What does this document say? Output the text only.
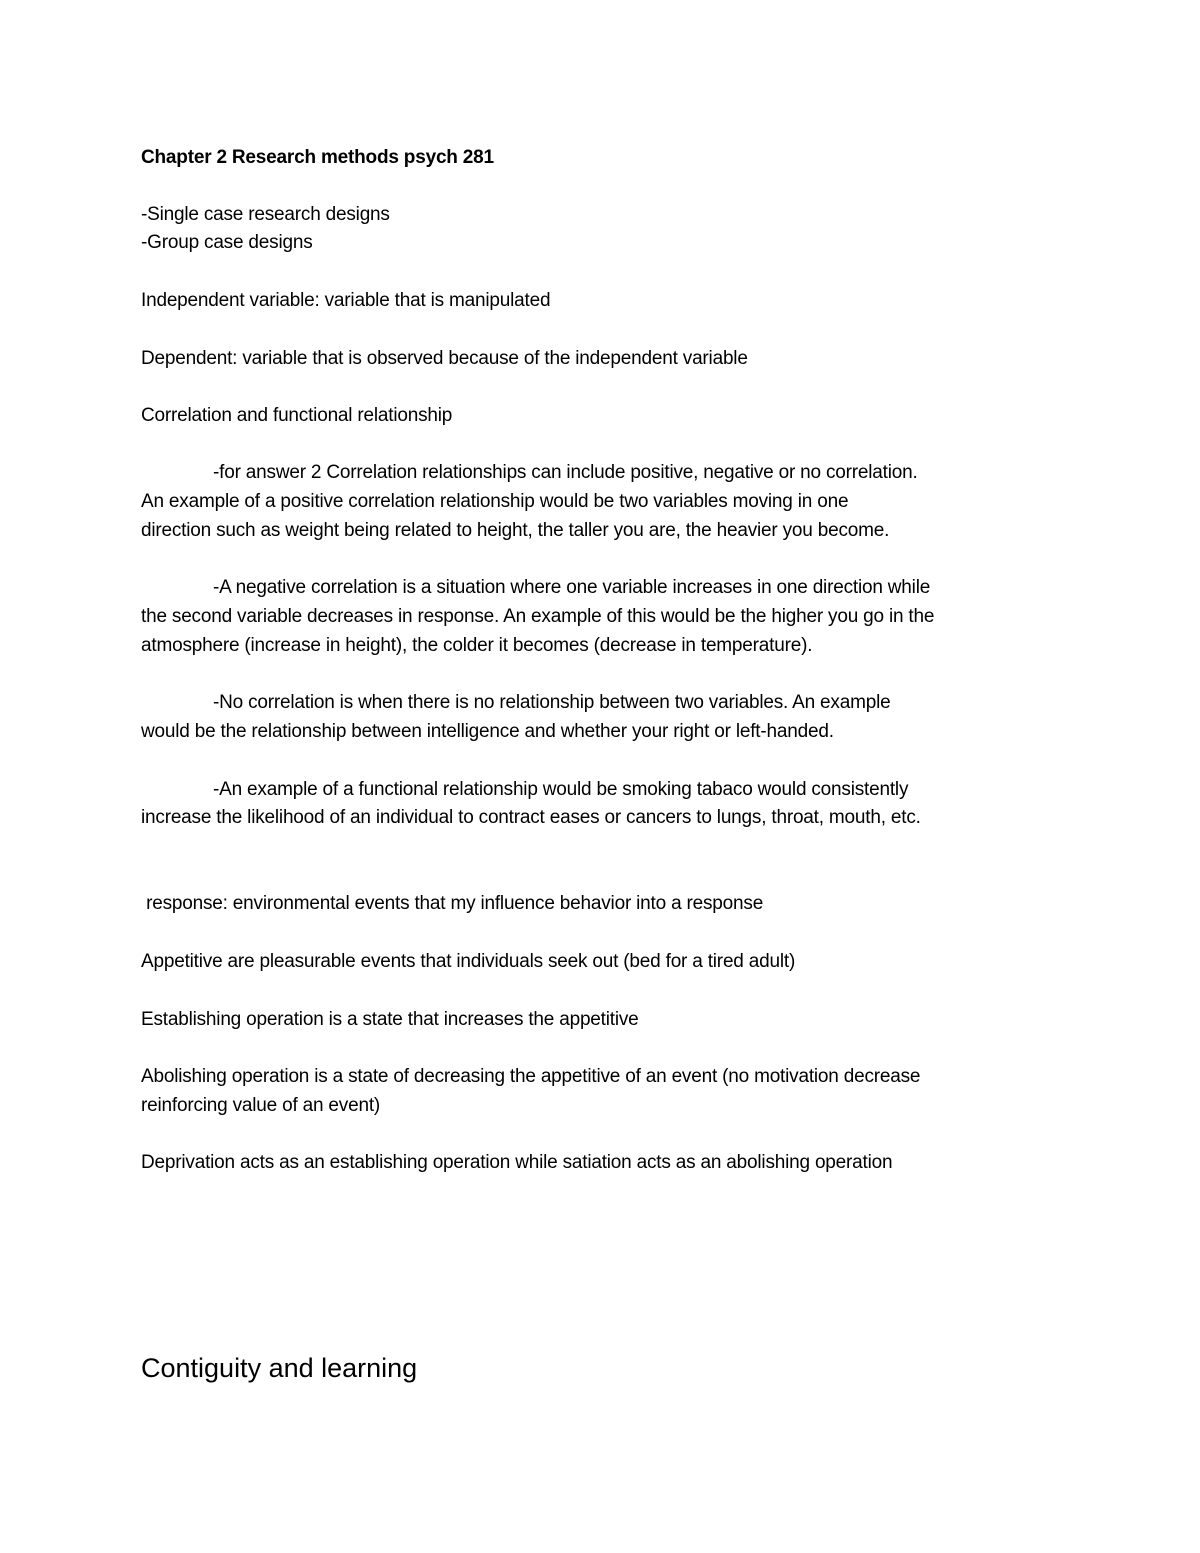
Chapter 2 Research methods psych 281
-Single case research designs
-Group case designs
Independent variable: variable that is manipulated
Dependent: variable that is observed because of the independent variable
Correlation and functional relationship
-for answer 2 Correlation relationships can include positive, negative or no correlation.
An example of a positive correlation relationship would be two variables moving in one
direction such as weight being related to height, the taller you are, the heavier you become.
-A negative correlation is a situation where one variable increases in one direction while
the second variable decreases in response. An example of this would be the higher you go in the
atmosphere (increase in height), the colder it becomes (decrease in temperature).
-No correlation is when there is no relationship between two variables. An example
would be the relationship between intelligence and whether your right or left-handed.
-An example of a functional relationship would be smoking tabaco would consistently
increase the likelihood of an individual to contract eases or cancers to lungs, throat, mouth, etc.
response: environmental events that my influence behavior into a response
Appetitive are pleasurable events that individuals seek out (bed for a tired adult)
Establishing operation is a state that increases the appetitive
Abolishing operation is a state of decreasing the appetitive of an event (no motivation decrease
reinforcing value of an event)
Deprivation acts as an establishing operation while satiation acts as an abolishing operation
Contiguity and learning
